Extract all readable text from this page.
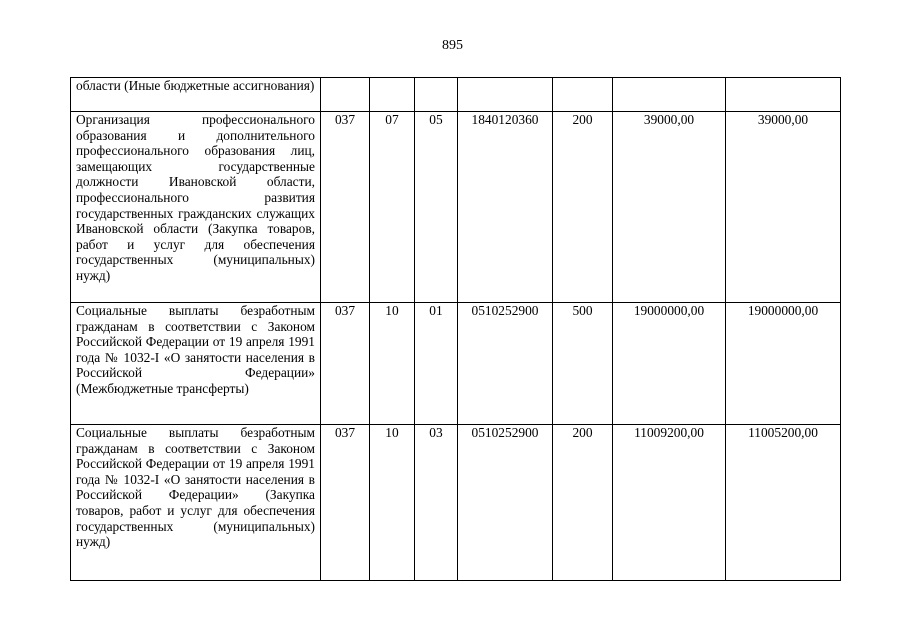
895
области (Иные бюджетные ассигнования)							
Организация профессионального образования и дополнительного профессионального образования лиц, замещающих государственные должности Ивановской области, профессионального развития государственных гражданских служащих Ивановской области (Закупка товаров, работ и услуг для обеспечения государственных (муниципальных) нужд)	037	07	05	1840120360	200	39000,00	39000,00
Социальные выплаты безработным гражданам в соответствии с Законом Российской Федерации от 19 апреля 1991 года № 1032-I «О занятости населения в Российской Федерации» (Межбюджетные трансферты)	037	10	01	0510252900	500	19000000,00	19000000,00
Социальные выплаты безработным гражданам в соответствии с Законом Российской Федерации от 19 апреля 1991 года № 1032-I «О занятости населения в Российской Федерации» (Закупка товаров, работ и услуг для обеспечения государственных (муниципальных) нужд)	037	10	03	0510252900	200	11009200,00	11005200,00
